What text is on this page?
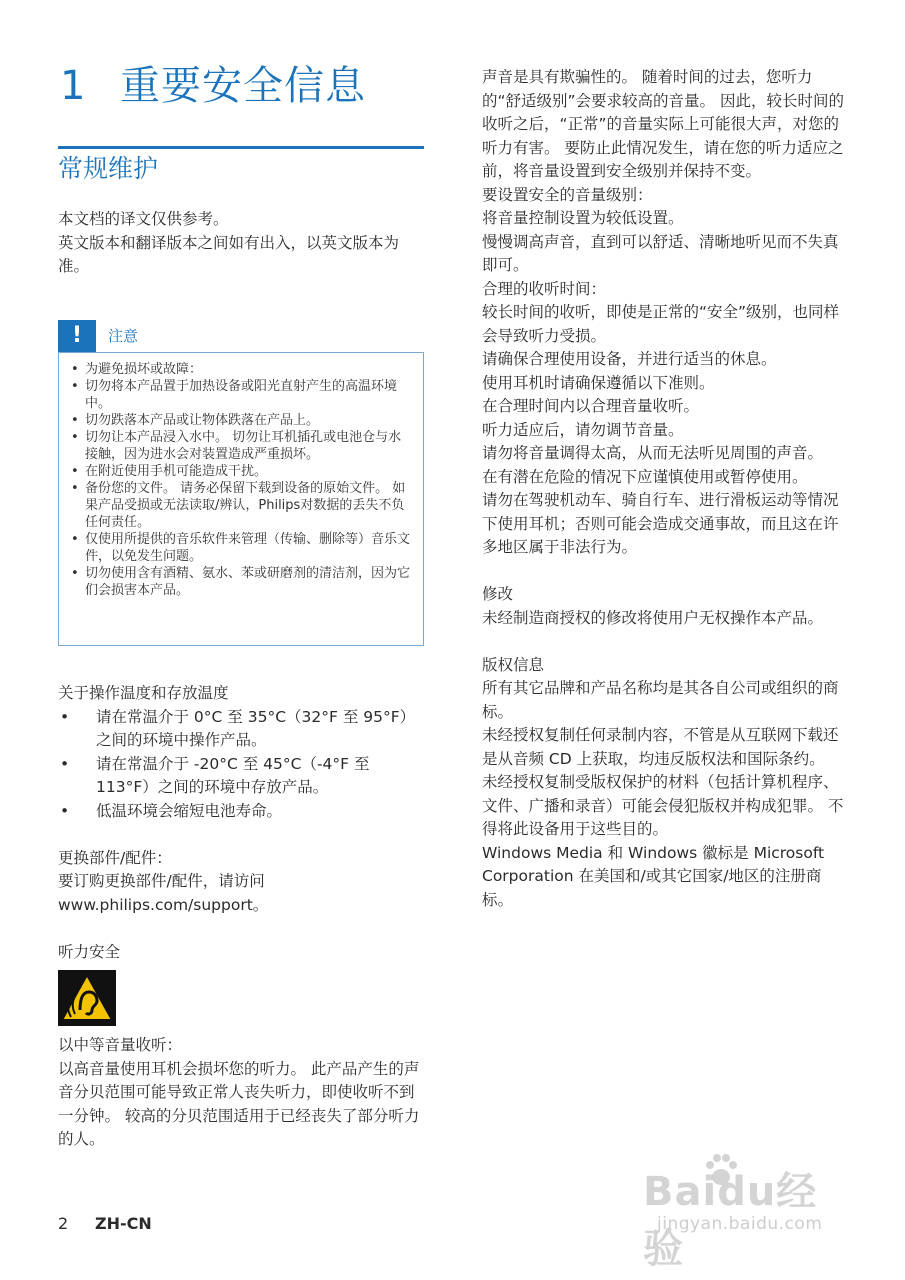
1 重要安全信息
常规维护

本文档的译文仅供参考。

英文版本和翻译版本之间如有出入，以英文版本为准。

!	注意
• 为避免损坏或故障：
• 切勿将本产品置于加热设备或阳光直射产生的高温环境中。
• 切勿跌落本产品或让物体跌落在产品上。
• 切勿让本产品浸入水中。 切勿让耳机插孔或电池仓与水接触，因为进水会对装置造成严重损坏。
• 在附近使用手机可能造成干扰。
• 备份您的文件。 请务必保留下载到设备的原始文件。 如果产品受损或无法读取/辨认，Philips对数据的丢失不负任何责任。
• 仅使用所提供的音乐软件来管理（传输、删除等）音乐文件，以免发生问题。
• 切勿使用含有酒精、氨水、苯或研磨剂的清洁剂，因为它们会损害本产品。

关于操作温度和存放温度

• 请在常温介于 0°C 至 35°C（32°F 至 95°F）之间的环境中操作产品。
• 请在常温介于 -20°C 至 45°C（-4°F 至 113°F）之间的环境中存放产品。
• 低温环境会缩短电池寿命。

更换部件/配件：

要订购更换部件/配件，请访问 www.philips.com/support。

听力安全

以中等音量收听：

以高音量使用耳机会损坏您的听力。 此产品产生的声音分贝范围可能导致正常人丧失听力，即使收听不到一分钟。 较高的分贝范围适用于已经丧失了部分听力的人。

声音是具有欺骗性的。 随着时间的过去，您听力的“舒适级别”会要求较高的音量。 因此，较长时间的收听之后，“正常”的音量实际上可能很大声，对您的听力有害。 要防止此情况发生，请在您的听力适应之前，将音量设置到安全级别并保持不变。

要设置安全的音量级别：

将音量控制设置为较低设置。

慢慢调高声音，直到可以舒适、清晰地听见而不失真即可。

合理的收听时间：

较长时间的收听，即使是正常的“安全”级别，也同样会导致听力受损。

请确保合理使用设备，并进行适当的休息。

使用耳机时请确保遵循以下准则。

在合理时间内以合理音量收听。

听力适应后，请勿调节音量。

请勿将音量调得太高，从而无法听见周围的声音。

在有潜在危险的情况下应谨慎使用或暂停使用。

请勿在驾驶机动车、骑自行车、进行滑板运动等情况下使用耳机；否则可能会造成交通事故，而且这在许多地区属于非法行为。

修改

未经制造商授权的修改将使用户无权操作本产品。

版权信息

所有其它品牌和产品名称均是其各自公司或组织的商标。

未经授权复制任何录制内容，不管是从互联网下载还是从音频 CD 上获取，均违反版权法和国际条约。

未经授权复制受版权保护的材料（包括计算机程序、文件、广播和录音）可能会侵犯版权并构成犯罪。 不得将此设备用于这些目的。

Windows Media 和 Windows 徽标是 Microsoft Corporation 在美国和/或其它国家/地区的注册商标。

2 ZH-CN
Baidu经验
jingyan.baidu.com
